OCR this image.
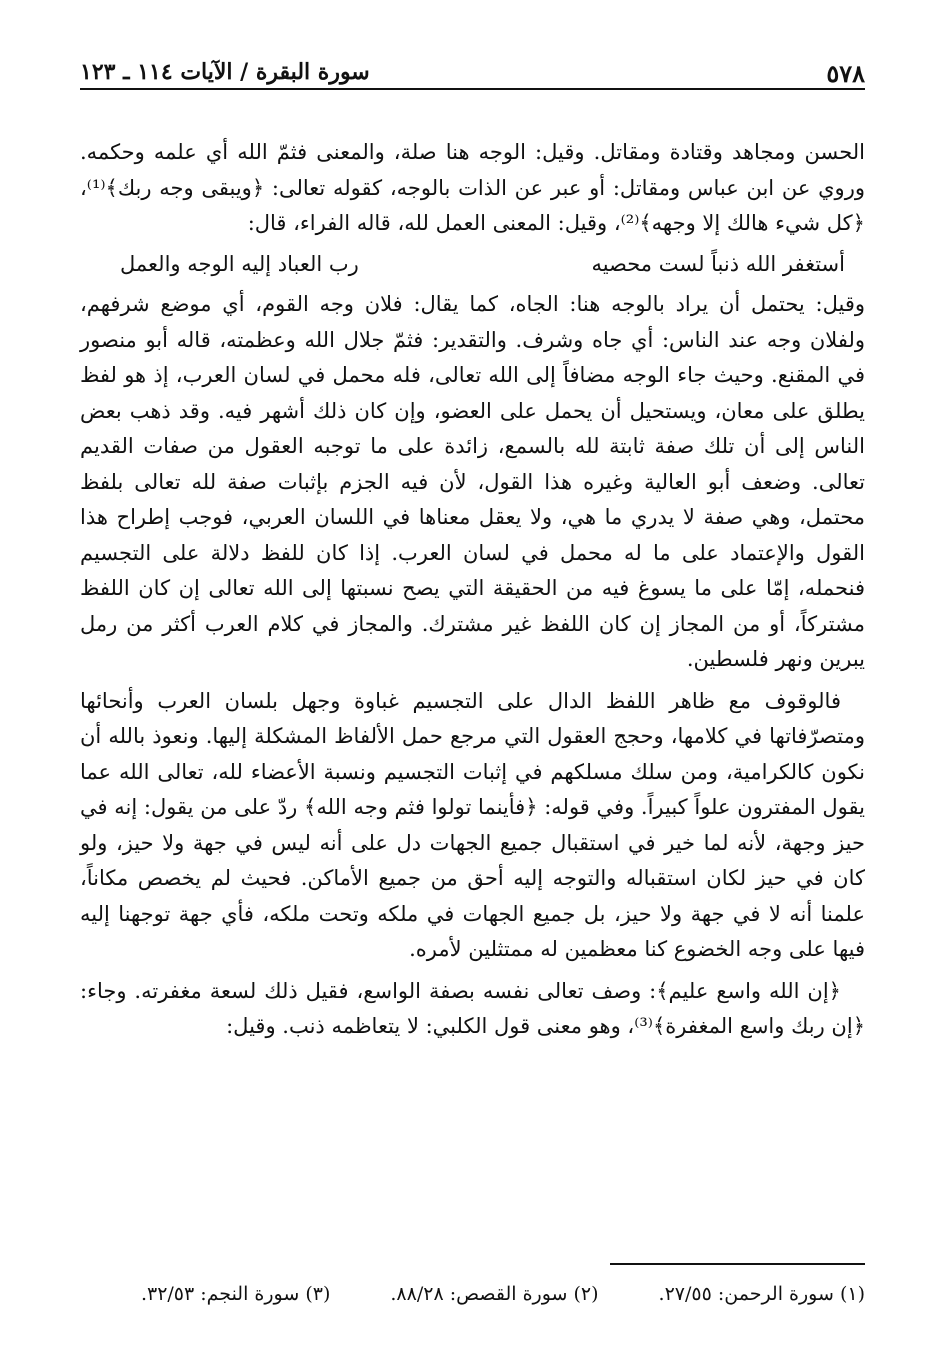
٥٧٨
سورة البقرة / الآيات ١١٤ ـ ١٢٣

الحسن ومجاهد وقتادة ومقاتل. وقيل: الوجه هنا صلة، والمعنى فثمّ الله أي علمه وحكمه. وروي عن ابن عباس ومقاتل: أو عبر عن الذات بالوجه، كقوله تعالى: ﴿ويبقى وجه ربك﴾⁽¹⁾، ﴿كل شيء هالك إلا وجهه﴾⁽²⁾، وقيل: المعنى العمل لله، قاله الفراء، قال:

أستغفر الله ذنباً لست محصيه
رب العباد إليه الوجه والعمل

وقيل: يحتمل أن يراد بالوجه هنا: الجاه، كما يقال: فلان وجه القوم، أي موضع شرفهم، ولفلان وجه عند الناس: أي جاه وشرف. والتقدير: فثمّ جلال الله وعظمته، قاله أبو منصور في المقنع. وحيث جاء الوجه مضافاً إلى الله تعالى، فله محمل في لسان العرب، إذ هو لفظ يطلق على معان، ويستحيل أن يحمل على العضو، وإن كان ذلك أشهر فيه. وقد ذهب بعض الناس إلى أن تلك صفة ثابتة لله بالسمع، زائدة على ما توجبه العقول من صفات القديم تعالى. وضعف أبو العالية وغيره هذا القول، لأن فيه الجزم بإثبات صفة لله تعالى بلفظ محتمل، وهي صفة لا يدري ما هي، ولا يعقل معناها في اللسان العربي، فوجب إطراح هذا القول والإعتماد على ما له محمل في لسان العرب. إذا كان للفظ دلالة على التجسيم فنحمله، إمّا على ما يسوغ فيه من الحقيقة التي يصح نسبتها إلى الله تعالى إن كان اللفظ مشتركاً، أو من المجاز إن كان اللفظ غير مشترك. والمجاز في كلام العرب أكثر من رمل يبرين ونهر فلسطين.

فالوقوف مع ظاهر اللفظ الدال على التجسيم غباوة وجهل بلسان العرب وأنحائها ومتصرّفاتها في كلامها، وحجج العقول التي مرجع حمل الألفاظ المشكلة إليها. ونعوذ بالله أن نكون كالكرامية، ومن سلك مسلكهم في إثبات التجسيم ونسبة الأعضاء لله، تعالى الله عما يقول المفترون علواً كبيراً. وفي قوله: ﴿فأينما تولوا فثم وجه الله﴾ ردّ على من يقول: إنه في حيز وجهة، لأنه لما خير في استقبال جميع الجهات دل على أنه ليس في جهة ولا حيز، ولو كان في حيز لكان استقباله والتوجه إليه أحق من جميع الأماكن. فحيث لم يخصص مكاناً، علمنا أنه لا في جهة ولا حيز، بل جميع الجهات في ملكه وتحت ملكه، فأي جهة توجهنا إليه فيها على وجه الخضوع كنا معظمين له ممتثلين لأمره.

﴿إن الله واسع عليم﴾: وصف تعالى نفسه بصفة الواسع، فقيل ذلك لسعة مغفرته. وجاء: ﴿إن ربك واسع المغفرة﴾⁽³⁾، وهو معنى قول الكلبي: لا يتعاظمه ذنب. وقيل:

(١) سورة الرحمن: ٢٧/٥٥.
(٢) سورة القصص: ٨٨/٢٨.
(٣) سورة النجم: ٣٢/٥٣.
